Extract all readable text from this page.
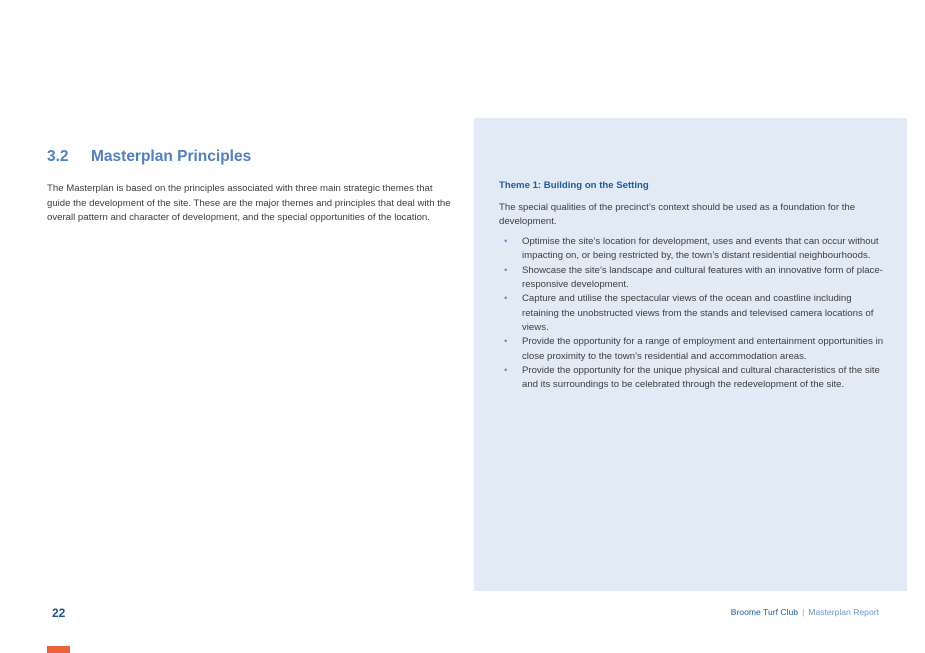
3.2 Masterplan Principles

The Masterplan is based on the principles associated with three main strategic themes that guide the development of the site. These are the major themes and principles that deal with the overall pattern and character of development, and the special opportunities of the location.

Theme 1: Building on the Setting

The special qualities of the precinct’s context should be used as a foundation for the development.

• Optimise the site’s location for development, uses and events that can occur without impacting on, or being restricted by, the town’s distant residential neighbourhoods.
• Showcase the site’s landscape and cultural features with an innovative form of place-responsive development.
• Capture and utilise the spectacular views of the ocean and coastline including retaining the unobstructed views from the stands and televised camera locations of views.
• Provide the opportunity for a range of employment and entertainment opportunities in close proximity to the town’s residential and accommodation areas.
• Provide the opportunity for the unique physical and cultural characteristics of the site and its surroundings to be celebrated through the redevelopment of the site.
22	Broome Turf Club | Masterplan Report
